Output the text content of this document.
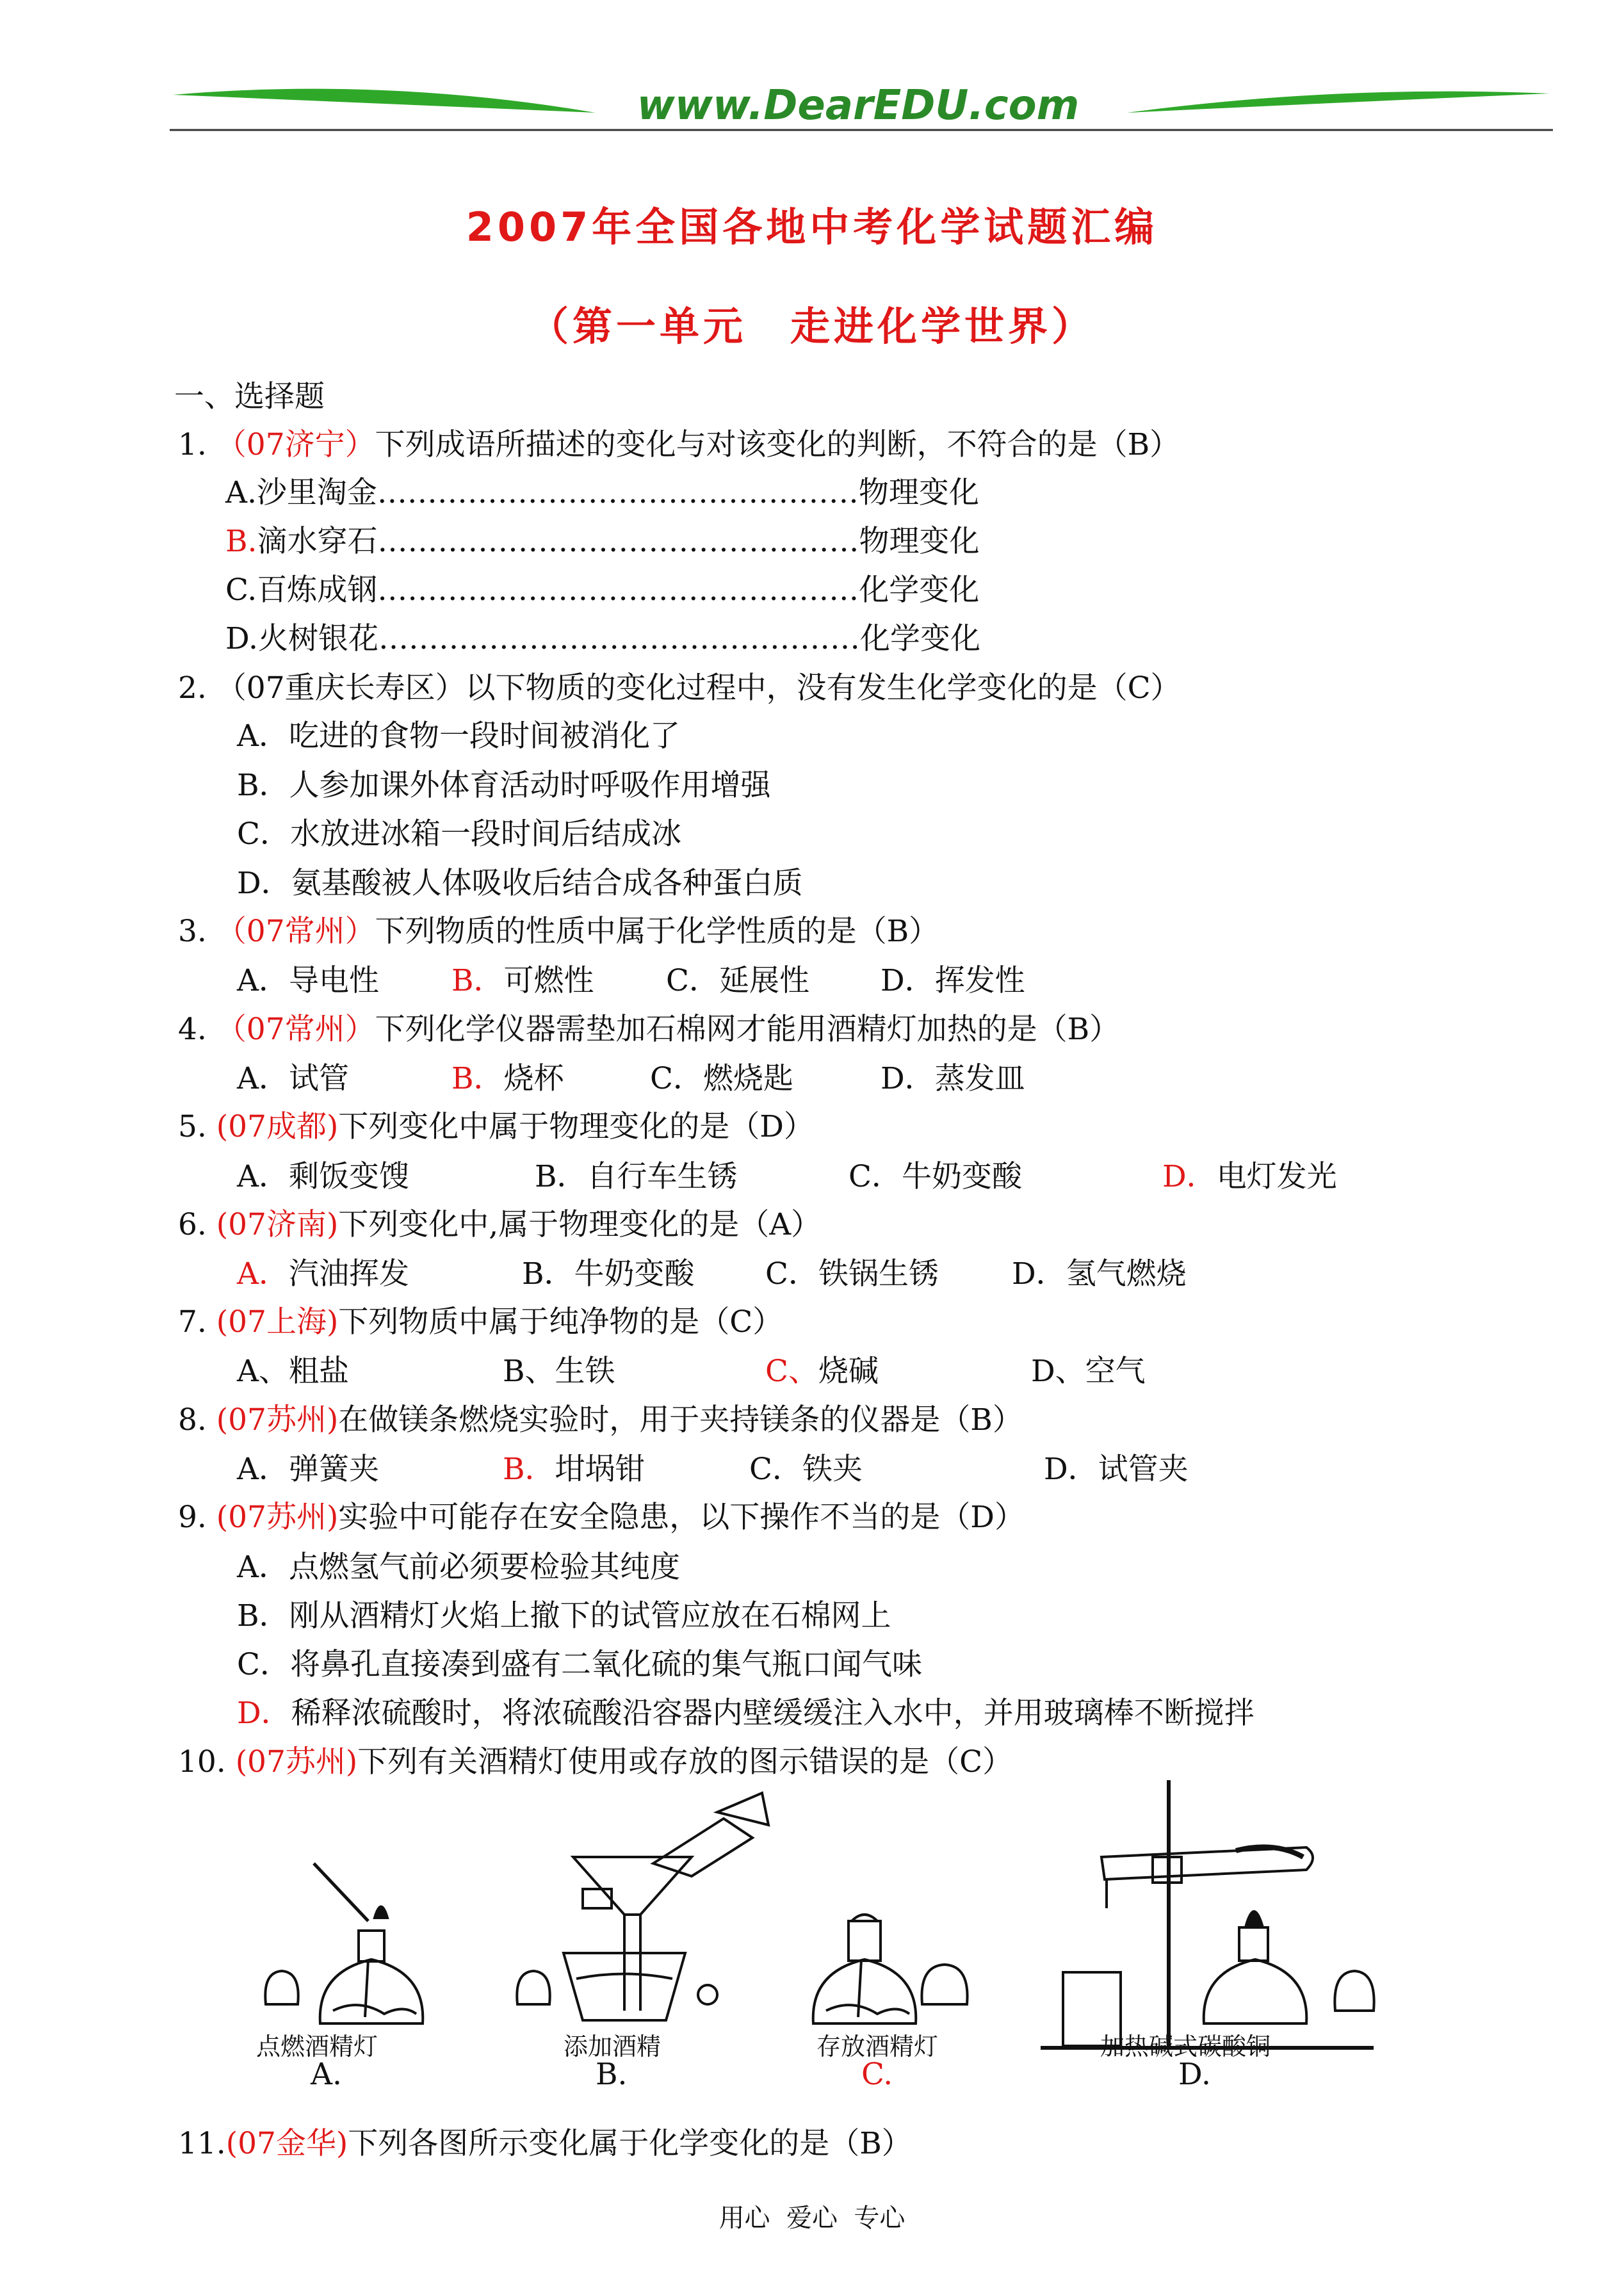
www.DearEDU.com
2007年全国各地中考化学试题汇编
（第一单元　走进化学世界）
一、选择题
1. （07济宁）下列成语所描述的变化与对该变化的判断，不符合的是（B）
A.沙里淘金…………………………………………物理变化
B.滴水穿石…………………………………………物理变化
C.百炼成钢…………………………………………化学变化
D.火树银花…………………………………………化学变化
2. （07重庆长寿区）以下物质的变化过程中，没有发生化学变化的是（C）
A．吃进的食物一段时间被消化了
B．人参加课外体育活动时呼吸作用增强
C．水放进冰箱一段时间后结成冰
D．氨基酸被人体吸收后结合成各种蛋白质
3. （07常州）下列物质的性质中属于化学性质的是（B）
A．导电性 B．可燃性 C．延展性 D．挥发性
4. （07常州）下列化学仪器需垫加石棉网才能用酒精灯加热的是（B）
A．试管	B．烧杯	C．燃烧匙	D．蒸发皿
5. (07成都)下列变化中属于物理变化的是（D）
A．剩饭变馊	B．自行车生锈	C．牛奶变酸	D．电灯发光
6. (07济南)下列变化中,属于物理变化的是（A）
A．汽油挥发	B．牛奶变酸 C．铁锅生锈 D．氢气燃烧
7. (07上海)下列物质中属于纯净物的是（C）
A、粗盐	B、生铁	C、烧碱	D、空气
8. (07苏州)在做镁条燃烧实验时，用于夹持镁条的仪器是（B）
A．弹簧夹	B．坩埚钳	C．铁夹	D．试管夹
9. (07苏州)实验中可能存在安全隐患，以下操作不当的是（D）
A．点燃氢气前必须要检验其纯度
B．刚从酒精灯火焰上撤下的试管应放在石棉网上
C．将鼻孔直接凑到盛有二氧化硫的集气瓶口闻气味
D．稀释浓硫酸时，将浓硫酸沿容器内壁缓缓注入水中，并用玻璃棒不断搅拌
10. (07苏州)下列有关酒精灯使用或存放的图示错误的是（C）
点燃酒精灯	添加酒精	存放酒精灯	加热碱式碳酸铜
A.	B.	C.	D.
11.(07金华)下列各图所示变化属于化学变化的是（B）
用心  爱心  专心
